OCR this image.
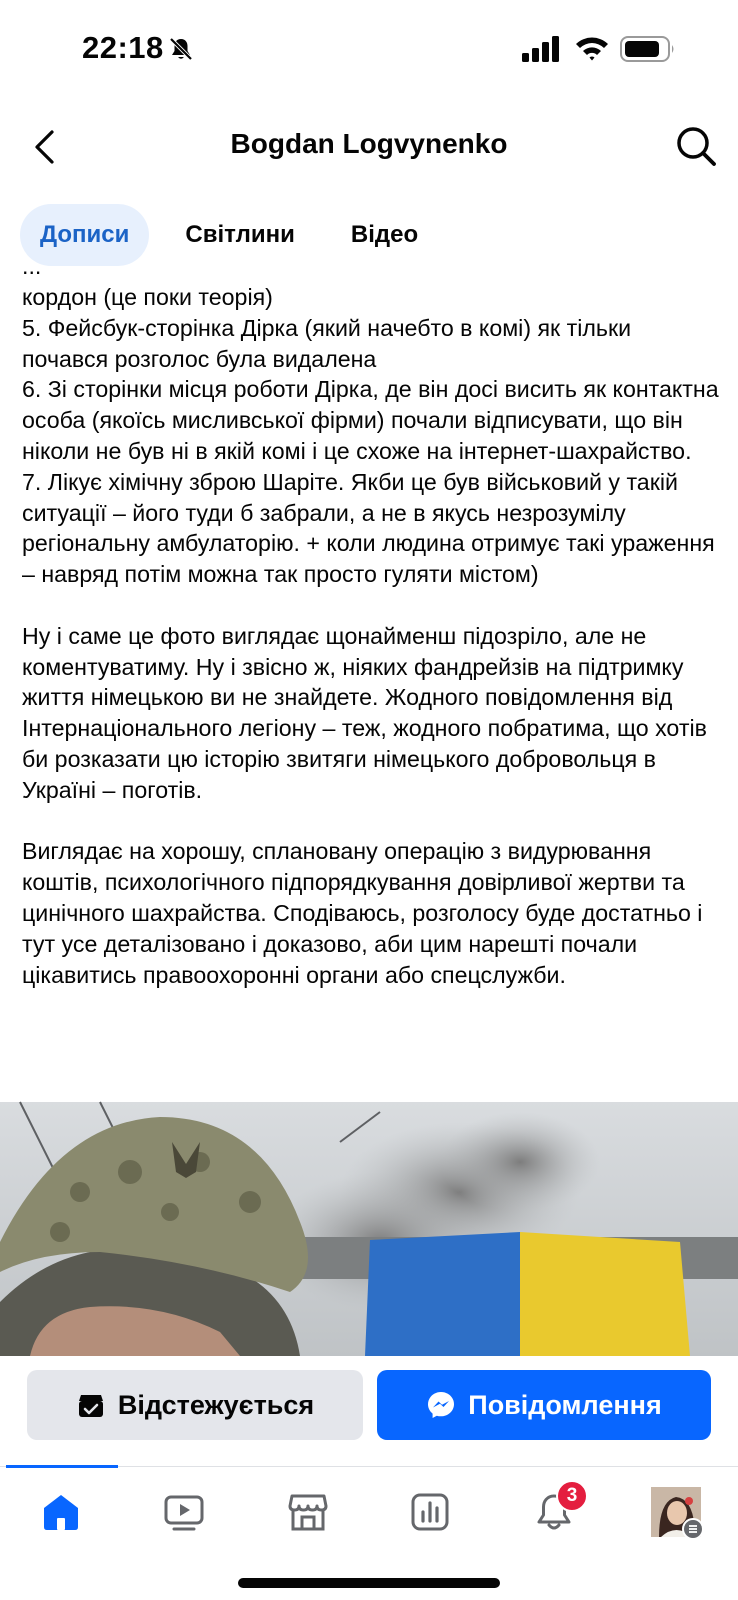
22:18
Bogdan Logvynenko
Дописи	Світлини	Відео
...

кордон (це поки теорія)
5. Фейсбук-сторінка Дірка (який начебто в комі) як тільки почався розголос була видалена
6. Зі сторінки місця роботи Дірка, де він досі висить як контактна особа (якоїсь мисливської фірми) почали відписувати, що він ніколи не був ні в якій комі і це схоже на інтернет-шахрайство.
7. Лікує хімічну зброю Шаріте. Якби це був військовий у такій ситуації – його туди б забрали, а не в якусь незрозумілу регіональну амбулаторію. + коли людина отримує такі ураження – навряд потім можна так просто гуляти містом)

Ну і саме це фото виглядає щонайменш підозріло, але не коментуватиму. Ну і звісно ж, ніяких фандрейзів на підтримку життя німецькою ви не знайдете. Жодного повідомлення від Інтернаціонального легіону – теж, жодного побратима, що хотів би розказати цю історію звитяги німецького добровольця в Україні – поготів.

Виглядає на хорошу, сплановану операцію з видурювання коштів, психологічного підпорядкування довірливої жертви та цинічного шахрайства. Сподіваюсь, розголосу буде достатньо і тут усе деталізовано і доказово, аби цим нарешті почали цікавитись правоохоронні органи або спецслужби.

Відстежується	Повідомлення
3
